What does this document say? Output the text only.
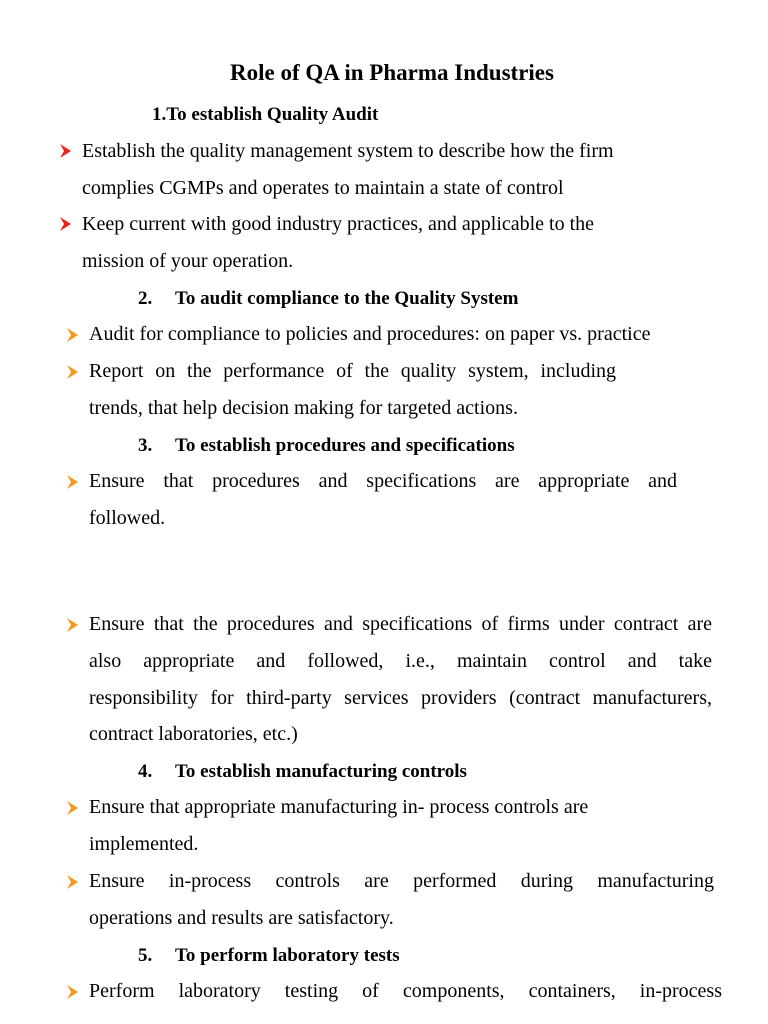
Role of QA in Pharma Industries
1.To establish Quality Audit
Establish the quality management system to describe how the firm
complies CGMPs and operates to maintain a state of control
Keep current with good industry practices, and applicable to the
mission of your operation.
2. To audit compliance to the Quality System
Audit for compliance to policies and procedures: on paper vs. practice
Report on the performance of the quality system, including
trends, that help decision making for targeted actions.
3. To establish procedures and specifications
Ensure that procedures and specifications are appropriate and
followed.
Ensure that the procedures and specifications of firms under contract are
also appropriate and followed, i.e., maintain control and take
responsibility for third-party services providers (contract manufacturers,
contract laboratories, etc.)
4. To establish manufacturing controls
Ensure that appropriate manufacturing in- process controls are
implemented.
Ensure in-process controls are performed during manufacturing
operations and results are satisfactory.
5. To perform laboratory tests
Perform laboratory testing of components, containers, in-process
